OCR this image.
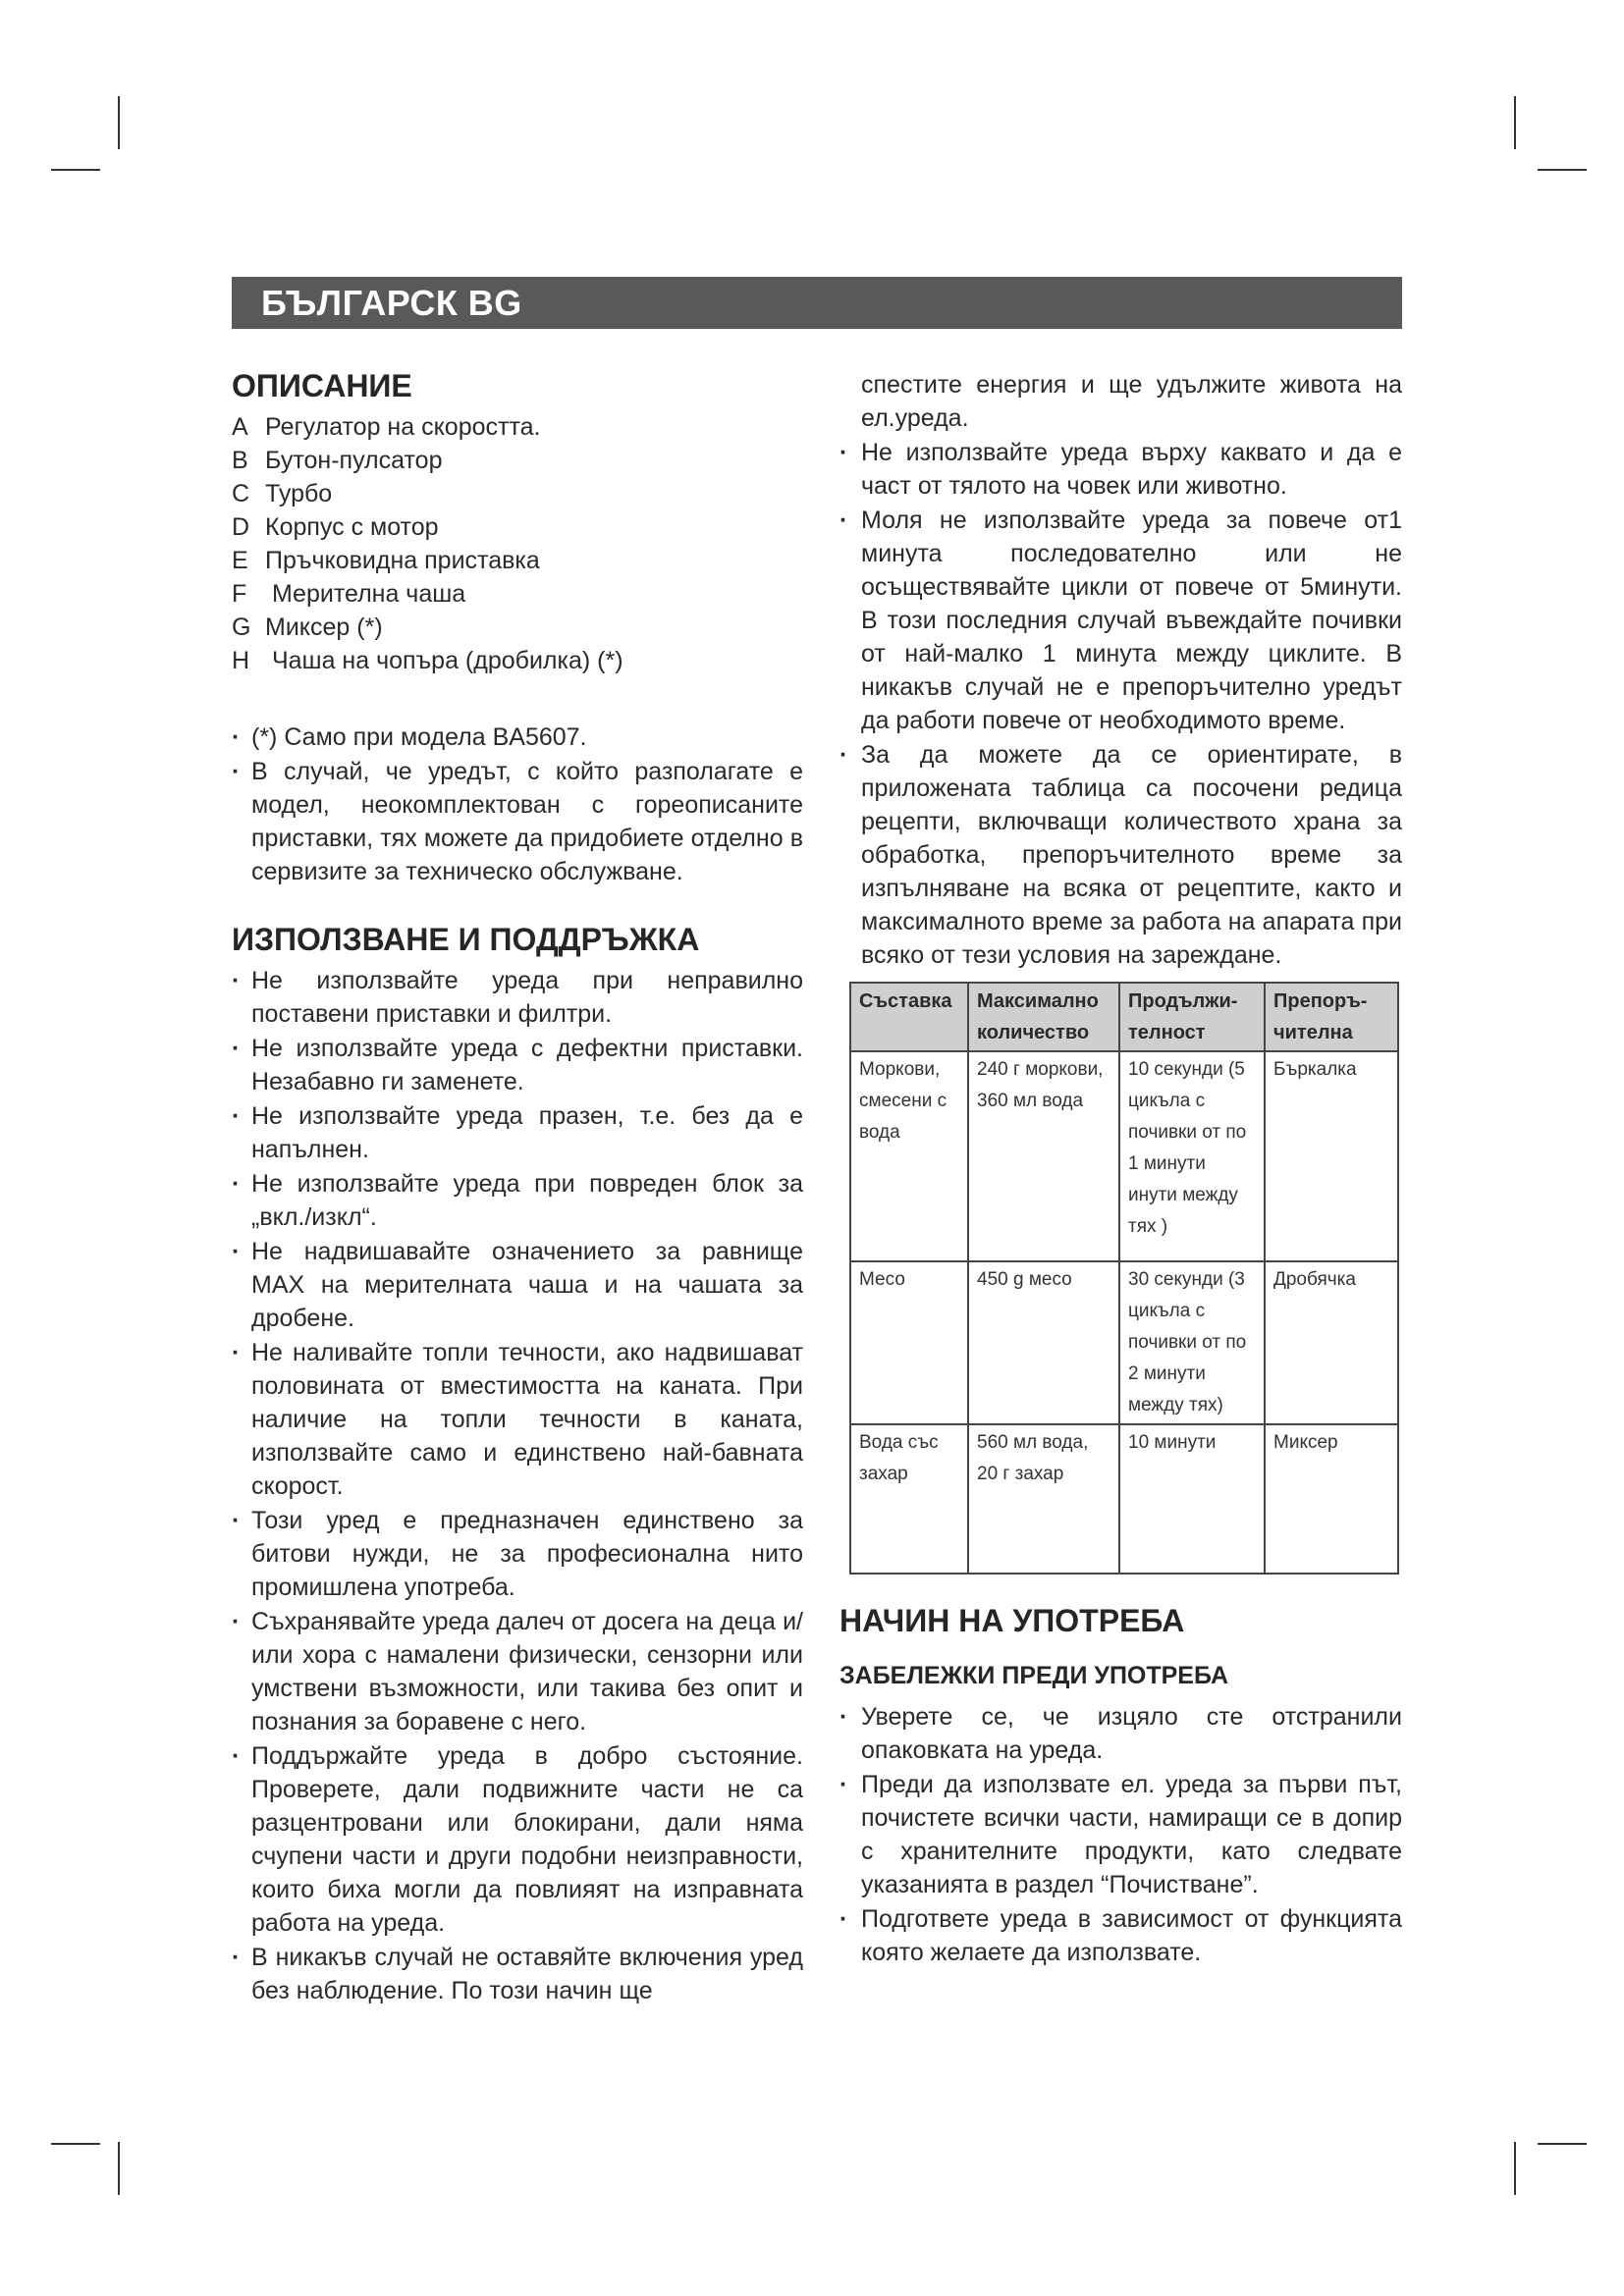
БЪЛГАРСК BG
ОПИСАНИЕ
A Регулатор на скоростта.
B Бутон-пулсатор
C Турбо
D Корпус с мотор
E Пръчковидна приставка
F Мерителна чаша
G Миксер (*)
H Чаша на чопъра (дробилка) (*)
· (*) Само при модела BA5607.
· В случай, че уредът, с който разполагате е модел, неокомплектован с гореописаните приставки, тях можете да придобиете отделно в сервизите за техническо обслужване.
ИЗПОЛЗВАНЕ И ПОДДРЪЖКА
· Не използвайте уреда при неправилно поставени приставки и филтри.
· Не използвайте уреда с дефектни приставки. Незабавно ги заменете.
· Не използвайте уреда празен, т.е. без да е напълнен.
· Не използвайте уреда при повреден блок за „вкл./изкл“.
· Не надвишавайте означението за равнище MAX на мерителната чаша и на чашата за дробене.
· Не наливайте топли течности, ако надвишават половината от вместимостта на каната. При наличие на топли течности в каната, използвайте само и единствено най-бавната скорост.
· Този уред е предназначен единствено за битови нужди, не за професионална нито промишлена употреба.
· Съхранявайте уреда далеч от досега на деца и/или хора с намалени физически, сензорни или умствени възможности, или такива без опит и познания за боравене с него.
· Поддържайте уреда в добро състояние. Проверете, дали подвижните части не са разцентровани или блокирани, дали няма счупени части и други подобни неизправности, които биха могли да повлияят на изправната работа на уреда.
· В никакъв случай не оставяйте включения уред без наблюдение. По този начин ще
спестите енергия и ще удължите живота на ел.уреда.
· Не използвайте уреда върху каквато и да е част от тялото на човек или животно.
· Моля не използвайте уреда за повече от1 минута последователно или не осъществявайте цикли от повече от 5минути. В този последния случай въвеждайте почивки от най-малко 1 минута между циклите. В никакъв случай не е препоръчително уредът да работи повече от необходимото време.
· За да можете да се ориентирате, в приложената таблица са посочени редица рецепти, включващи количеството храна за обработка, препоръчителното време за изпълняване на всяка от рецептите, както и максималното време за работа на апарата при всяко от тези условия на зареждане.
Съставка	Максимално количество	Продължи-телност	Препоръ-чителна
Моркови, смесени с вода	240 г моркови, 360 мл вода	10 секунди (5 цикъла с почивки от по 1 минути инути между тях )	Бъркалка
Месо	450 g месо	30 секунди (3 цикъла с почивки от по 2 минути между тях)	Дробячка
Вода със захар	560 мл вода, 20 г захар	10 минути	Миксер
НАЧИН НА УПОТРЕБА
ЗАБЕЛЕЖКИ ПРЕДИ УПОТРЕБА
· Уверете се, че изцяло сте отстранили опаковката на уреда.
· Преди да използвате ел. уреда за първи път, почистете всички части, намиращи се в допир с хранителните продукти, като следвате указанията в раздел “Почистване”.
· Подгответе уреда в зависимост от функцията която желаете да използвате.
